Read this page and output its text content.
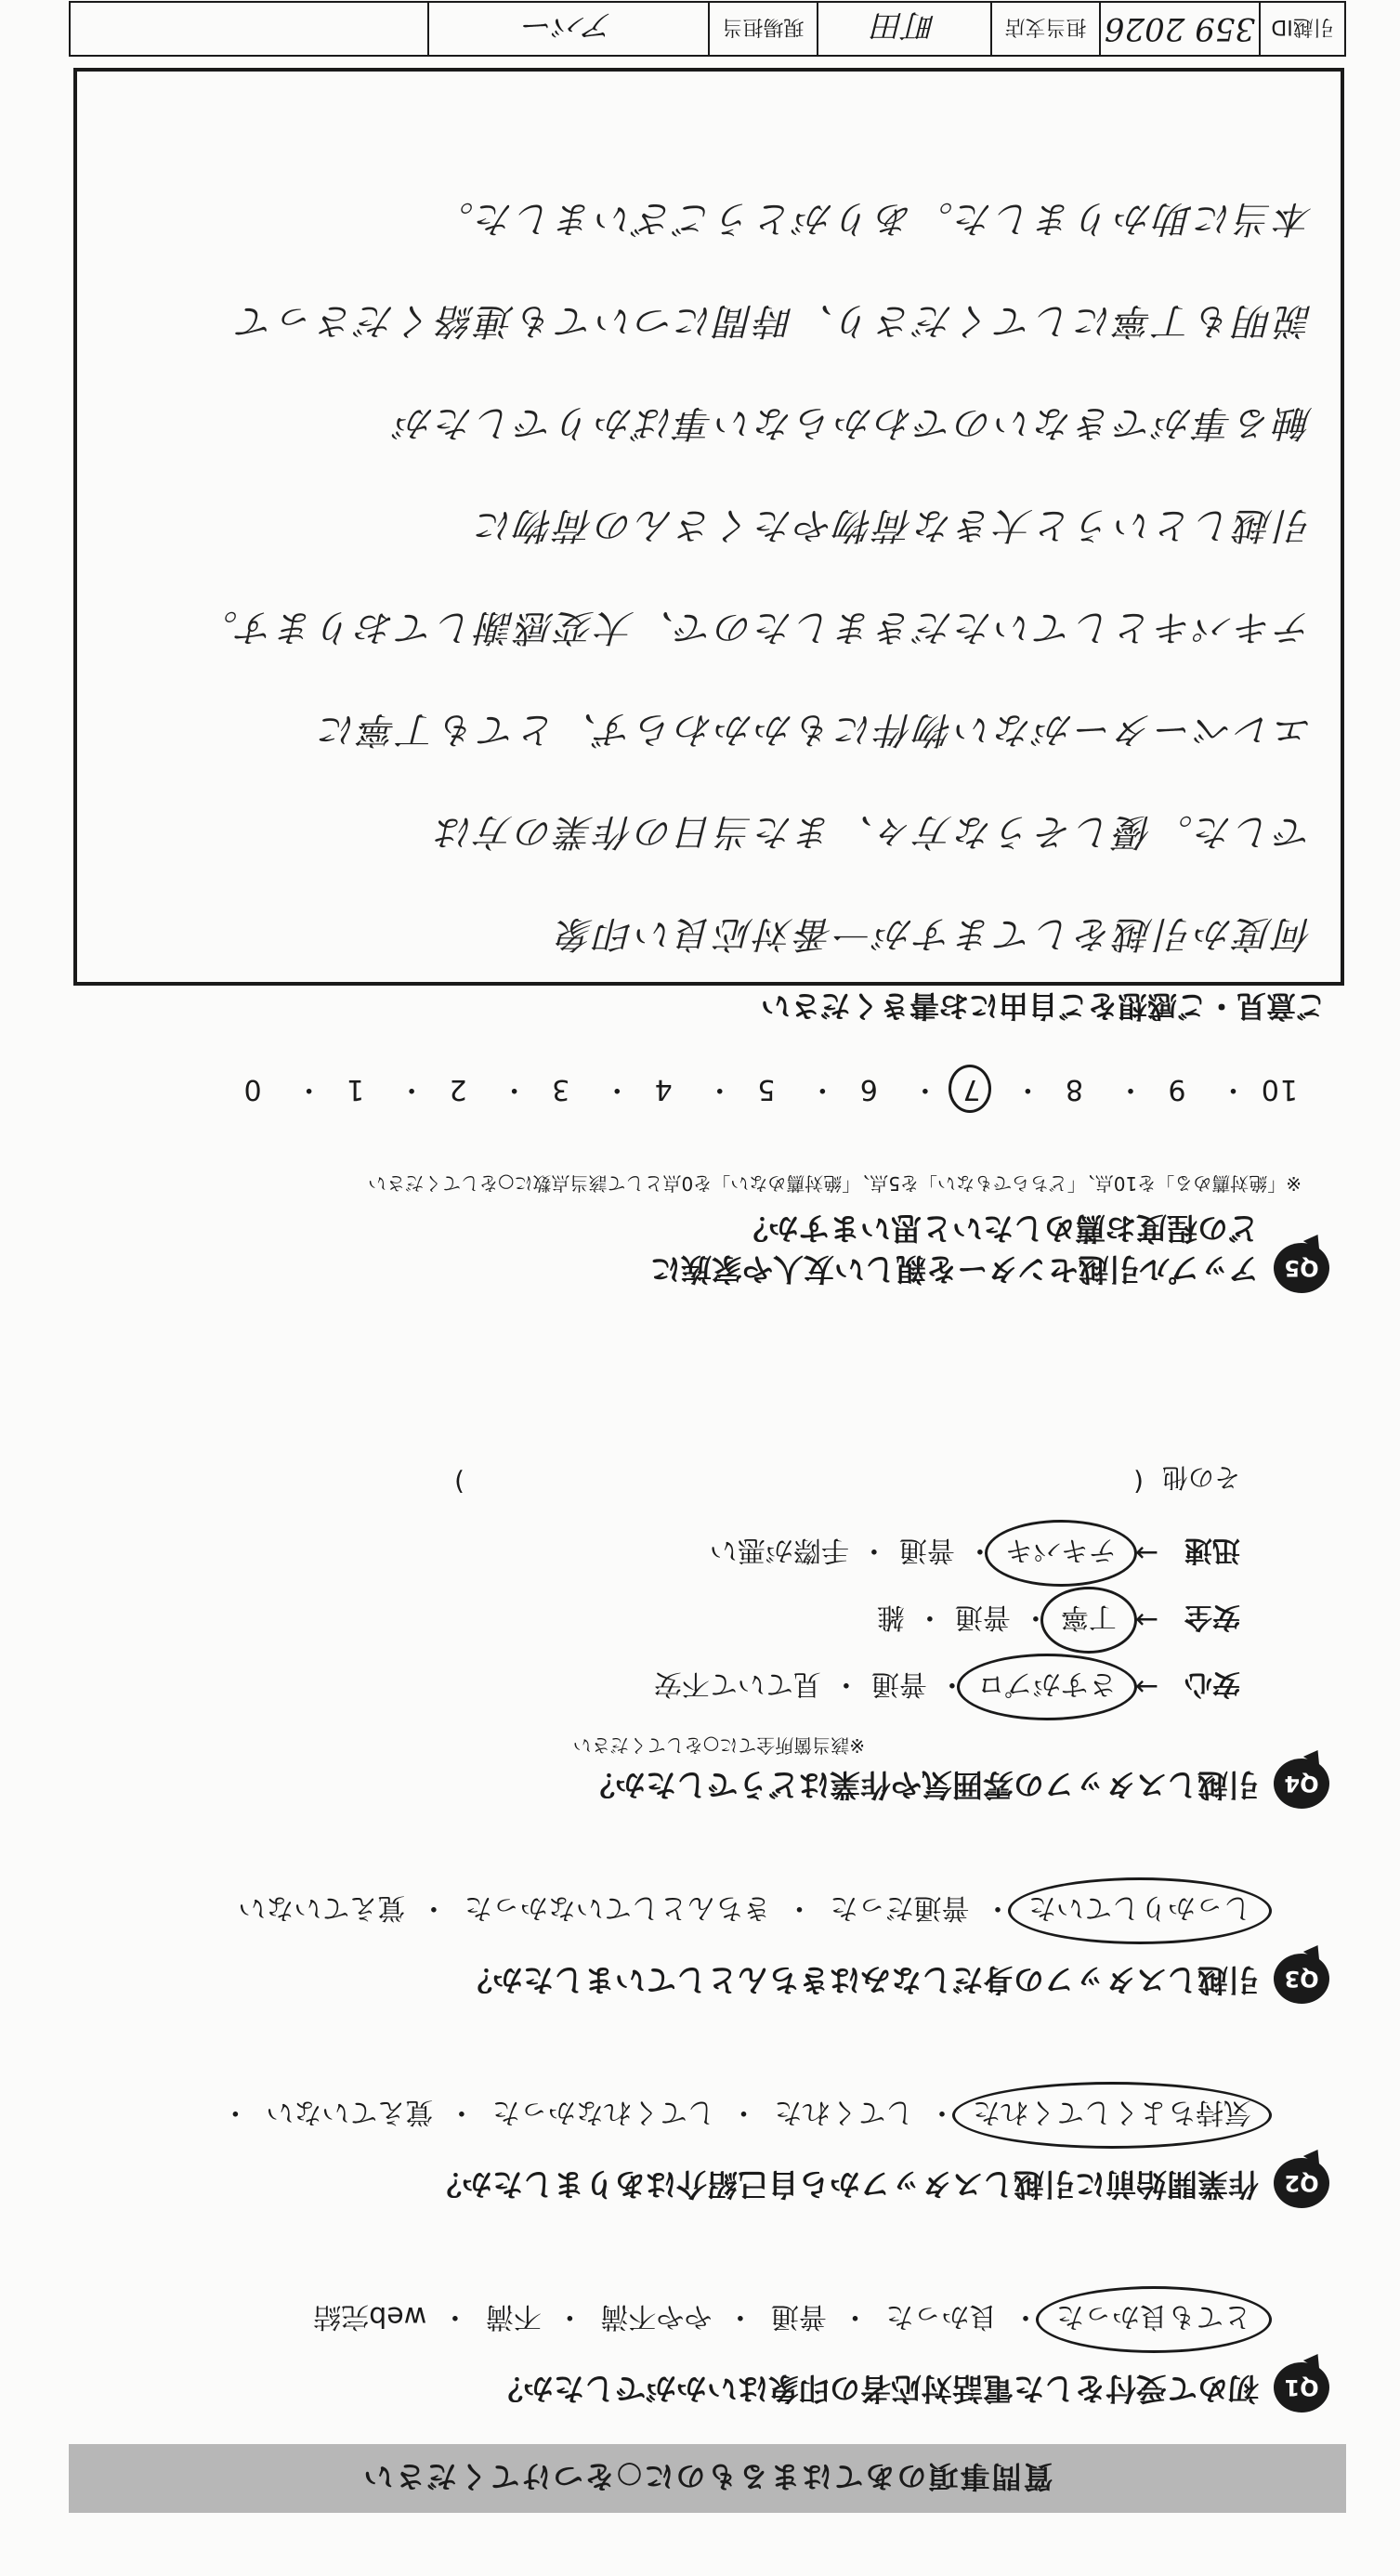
質問事項のあてはまるものに○をつけてください
Q1
初めて受付をした電話対応者の印象はいかがでしたか？
とても良かった・ 良かった・ 普通・ やや不満・ 不満・ web完結
Q2
作業開始前に引越しスタッフから自己紹介はありましたか？
気持ちよくしてくれた・ してくれた・ してくれなかった・ 覚えていない・
Q3
引越しスタッフの身だしなみはきちんとしていましたか？
しっかりしていた・ 普通だった・ きちんとしていなかった・ 覚えていない
Q4
引越しスタッフの雰囲気や作業はどうでしたか？
※該当箇所全てに○をしてください
安心
→
さすがプロ
・
普通
・
見ていて不安
安全
→
丁寧
・
普通
・
雑
迅速
→
テキパキ
・
普通
・
手際が悪い
その他
(
)
Q5
アップル引越センターを親しい友人や家族に
どの程度お薦めしたいと思いますか？
※「絶対薦める」を10点、「どちらでもない」を5点、「絶対薦めない」を0点として該当点数に○をしてください
10・ 9・ 8・ 7・ 6・ 5・ 4・ 3・ 2・ 1・ 0
ご意見・ご感想をご自由にお書きください
何度か引越をしてますが一番対応良い印象
でした。優しそうな方々、また当日の作業の方は
エレベーターがない物件にもかかわらず、とても丁寧に
テキパキとしていただきましたので、大変感謝しております。
引越しというと大きな荷物やたくさんの荷物に
触る事ができないのでわからない事ばかりでしたが
説明も丁寧にしてくださり、時間についても連絡くださって
本当に助かりました。ありがとうございました。
引越ID
359 2026
担当支店
町田
現場担当
アバー
